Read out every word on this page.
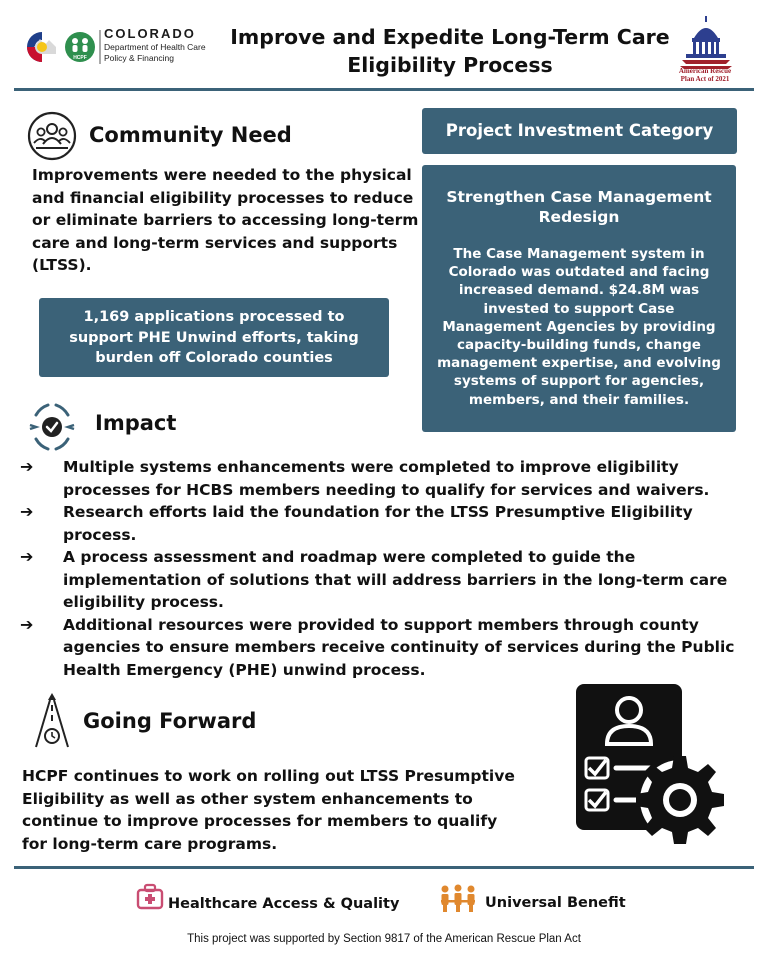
HCPF
COLORADO
Department of Health Care
Policy & Financing
Improve and Expedite Long-Term Care
Eligibility Process	American Rescue
Plan Act of 2021
Community Need
Improvements were needed to the physical
and financial eligibility processes to reduce
or eliminate barriers to accessing long-term
care and long-term services and supports
(LTSS).
1,169 applications processed to
support PHE Unwind efforts, taking
burden off Colorado counties
Project Investment Category
Strengthen Case Management
Redesign
The Case Management system in
Colorado was outdated and facing
increased demand. $24.8M was
invested to support Case
Management Agencies by providing
capacity-building funds, change
management expertise, and evolving
systems of support for agencies,
members, and their families.
Impact
➔ Multiple systems enhancements were completed to improve eligibility
processes for HCBS members needing to qualify for services and waivers.
➔ Research efforts laid the foundation for the LTSS Presumptive Eligibility
process.
➔ A process assessment and roadmap were completed to guide the
implementation of solutions that will address barriers in the long-term care
eligibility process.
➔ Additional resources were provided to support members through county
agencies to ensure members receive continuity of services during the Public
Health Emergency (PHE) unwind process.
Going Forward
HCPF continues to work on rolling out LTSS Presumptive
Eligibility as well as other system enhancements to
continue to improve processes for members to qualify
for long-term care programs.
Healthcare Access & Quality	Universal Benefit
This project was supported by Section 9817 of the American Rescue Plan Act
